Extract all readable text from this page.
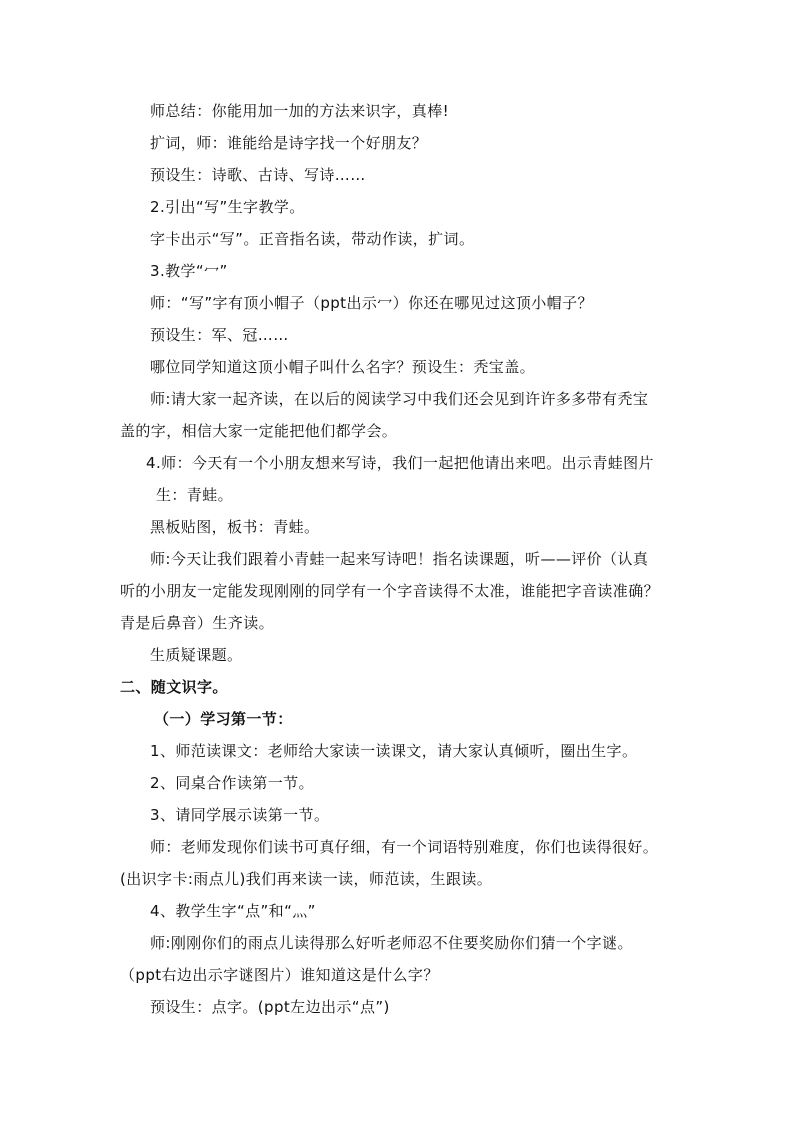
师总结：你能用加一加的方法来识字，真棒!
扩词，师：谁能给是诗字找一个好朋友？
预设生：诗歌、古诗、写诗……
2.引出“写”生字教学。
字卡出示“写”。正音指名读，带动作读，扩词。
3.教学“冖”
师：“写”字有顶小帽子（ppt出示冖）你还在哪见过这顶小帽子？
预设生：军、冠……
哪位同学知道这顶小帽子叫什么名字？预设生：秃宝盖。
师:请大家一起齐读，在以后的阅读学习中我们还会见到许许多多带有秃宝
盖的字，相信大家一定能把他们都学会。
4.师：今天有一个小朋友想来写诗，我们一起把他请出来吧。出示青蛙图片
生：青蛙。
黑板贴图，板书：青蛙。
师:今天让我们跟着小青蛙一起来写诗吧！指名读课题，听——评价（认真
听的小朋友一定能发现刚刚的同学有一个字音读得不太准，谁能把字音读准确？
青是后鼻音）生齐读。
生质疑课题。
二、随文识字。
（一）学习第一节：
1、师范读课文：老师给大家读一读课文，请大家认真倾听，圈出生字。
2、同桌合作读第一节。
3、请同学展示读第一节。
师：老师发现你们读书可真仔细，有一个词语特别难度，你们也读得很好。
(出识字卡:雨点儿)我们再来读一读，师范读，生跟读。
4、教学生字“点”和“灬”
师:刚刚你们的雨点儿读得那么好听老师忍不住要奖励你们猜一个字谜。
（ppt右边出示字谜图片）谁知道这是什么字？
预设生：点字。(ppt左边出示“点”)
